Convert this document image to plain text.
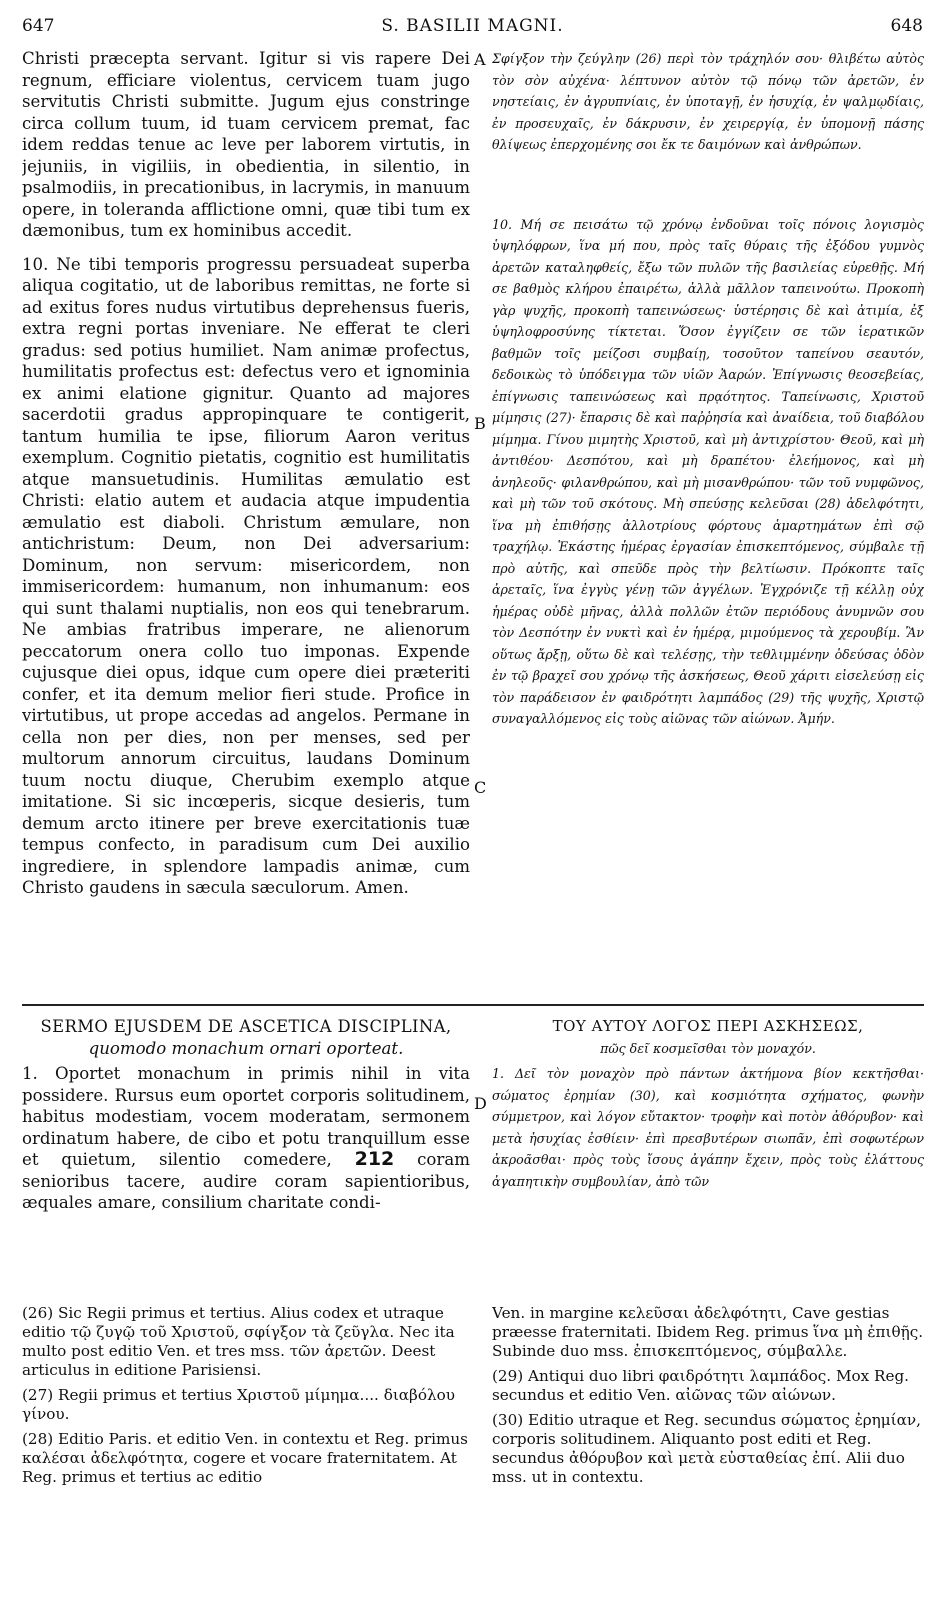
647	S. BASILII MAGNI.	648
A
B
C
D

Christi præcepta servant. Igitur si vis rapere Dei regnum, efficiare violentus, cervicem tuam jugo servitutis Christi submitte. Jugum ejus constringe circa collum tuum, id tuam cervicem premat, fac idem reddas tenue ac leve per laborem virtutis, in jejuniis, in vigiliis, in obedientia, in silentio, in psalmodiis, in precationibus, in lacrymis, in manuum opere, in toleranda afflictione omni, quæ tibi tum ex dæmonibus, tum ex hominibus accedit.

10. Ne tibi temporis progressu persuadeat superba aliqua cogitatio, ut de laboribus remittas, ne forte si ad exitus fores nudus virtutibus deprehensus fueris, extra regni portas inveniare. Ne efferat te cleri gradus: sed potius humiliet. Nam animæ profectus, humilitatis profectus est: defectus vero et ignominia ex animi elatione gignitur. Quanto ad majores sacerdotii gradus appropinquare te contigerit, tantum humilia te ipse, filiorum Aaron veritus exemplum. Cognitio pietatis, cognitio est humilitatis atque mansuetudinis. Humilitas æmulatio est Christi: elatio autem et audacia atque impudentia æmulatio est diaboli. Christum æmulare, non antichristum: Deum, non Dei adversarium: Dominum, non servum: misericordem, non immisericordem: humanum, non inhumanum: eos qui sunt thalami nuptialis, non eos qui tenebrarum. Ne ambias fratribus imperare, ne alienorum peccatorum onera collo tuo imponas. Expende cujusque diei opus, idque cum opere diei præteriti confer, et ita demum melior fieri stude. Profice in virtutibus, ut prope accedas ad angelos. Permane in cella non per dies, non per menses, sed per multorum annorum circuitus, laudans Dominum tuum noctu diuque, Cherubim exemplo atque imitatione. Si sic incœperis, sicque desieris, tum demum arcto itinere per breve exercitationis tuæ tempus confecto, in paradisum cum Dei auxilio ingrediere, in splendore lampadis animæ, cum Christo gaudens in sæcula sæculorum. Amen.

Σφίγξον τὴν ζεύγλην (26) περὶ τὸν τράχηλόν σου· θλιβέτω αὐτὸς τὸν σὸν αὐχένα· λέπτυνον αὐτὸν τῷ πόνῳ τῶν ἀρετῶν, ἐν νηστείαις, ἐν ἀγρυπνίαις, ἐν ὑποταγῇ, ἐν ἡσυχίᾳ, ἐν ψαλμῳδίαις, ἐν προσευχαῖς, ἐν δάκρυσιν, ἐν χειρεργίᾳ, ἐν ὑπομονῇ πάσης θλίψεως ἐπερχομένης σοι ἔκ τε δαιμόνων καὶ ἀνθρώπων.

10. Μή σε πεισάτω τῷ χρόνῳ ἐνδοῦναι τοῖς πόνοις λογισμὸς ὑψηλόφρων, ἵνα μή που, πρὸς ταῖς θύραις τῆς ἐξόδου γυμνὸς ἀρετῶν καταληφθείς, ἔξω τῶν πυλῶν τῆς βασιλείας εὑρεθῇς. Μή σε βαθμὸς κλήρου ἐπαιρέτω, ἀλλὰ μᾶλλον ταπεινούτω. Προκοπὴ γὰρ ψυχῆς, προκοπὴ ταπεινώσεως· ὑστέρησις δὲ καὶ ἀτιμία, ἐξ ὑψηλοφροσύνης τίκτεται. Ὅσον ἐγγίζειν σε τῶν ἱερατικῶν βαθμῶν τοῖς μείζοσι συμβαίῃ, τοσοῦτον ταπείνου σεαυτόν, δεδοικὼς τὸ ὑπόδειγμα τῶν υἱῶν Ἀαρών. Ἐπίγνωσις θεοσεβείας, ἐπίγνωσις ταπεινώσεως καὶ πρᾳότητος. Ταπείνωσις, Χριστοῦ μίμησις (27)· ἔπαρσις δὲ καὶ παῤῥησία καὶ ἀναίδεια, τοῦ διαβόλου μίμημα. Γίνου μιμητὴς Χριστοῦ, καὶ μὴ ἀντιχρίστου· Θεοῦ, καὶ μὴ ἀντιθέου· Δεσπότου, καὶ μὴ δραπέτου· ἐλεήμονος, καὶ μὴ ἀνηλεοῦς· φιλανθρώπου, καὶ μὴ μισανθρώπου· τῶν τοῦ νυμφῶνος, καὶ μὴ τῶν τοῦ σκότους. Μὴ σπεύσῃς κελεῦσαι (28) ἀδελφότητι, ἵνα μὴ ἐπιθήσῃς ἀλλοτρίους φόρτους ἁμαρτημάτων ἐπὶ σῷ τραχήλῳ. Ἑκάστης ἡμέρας ἐργασίαν ἐπισκεπτόμενος, σύμβαλε τῇ πρὸ αὐτῆς, καὶ σπεῦδε πρὸς τὴν βελτίωσιν. Πρόκοπτε ταῖς ἀρεταῖς, ἵνα ἐγγὺς γένῃ τῶν ἀγγέλων. Ἐγχρόνιζε τῇ κέλλῃ οὐχ ἡμέρας οὐδὲ μῆνας, ἀλλὰ πολλῶν ἐτῶν περιόδους ἀνυμνῶν σου τὸν Δεσπότην ἐν νυκτὶ καὶ ἐν ἡμέρᾳ, μιμούμενος τὰ χερουβίμ. Ἂν οὕτως ἄρξῃ, οὕτω δὲ καὶ τελέσῃς, τὴν τεθλιμμένην ὁδεύσας ὁδὸν ἐν τῷ βραχεῖ σου χρόνῳ τῆς ἀσκήσεως, Θεοῦ χάριτι εἰσελεύσῃ εἰς τὸν παράδεισον ἐν φαιδρότητι λαμπάδος (29) τῆς ψυχῆς, Χριστῷ συναγαλλόμενος εἰς τοὺς αἰῶνας τῶν αἰώνων. Ἀμήν.

SERMO EJUSDEM DE ASCETICA DISCIPLINA,
quomodo monachum ornari oporteat.

1. Oportet monachum in primis nihil in vita possidere. Rursus eum oportet corporis solitudinem, habitus modestiam, vocem moderatam, sermonem ordinatum habere, de cibo et potu tranquillum esse et quietum, silentio comedere, 212 coram senioribus tacere, audire coram sapientioribus, æquales amare, consilium charitate condi-

ΤΟΥ ΑΥΤΟΥ ΛΟΓΟΣ ΠΕΡΙ ΑΣΚΗΣΕΩΣ,
πῶς δεῖ κοσμεῖσθαι τὸν μοναχόν.

1. Δεῖ τὸν μοναχὸν πρὸ πάντων ἀκτήμονα βίον κεκτῆσθαι· σώματος ἐρημίαν (30), καὶ κοσμιότητα σχήματος, φωνὴν σύμμετρον, καὶ λόγον εὔτακτον· τροφὴν καὶ ποτὸν ἀθόρυβον· καὶ μετὰ ἡσυχίας ἐσθίειν· ἐπὶ πρεσβυτέρων σιωπᾶν, ἐπὶ σοφωτέρων ἀκροᾶσθαι· πρὸς τοὺς ἴσους ἀγάπην ἔχειν, πρὸς τοὺς ἐλάττους ἀγαπητικὴν συμβουλίαν, ἀπὸ τῶν

(26) Sic Regii primus et tertius. Alius codex et utraque editio τῷ ζυγῷ τοῦ Χριστοῦ, σφίγξον τὰ ζεῦγλα. Nec ita multo post editio Ven. et tres mss. τῶν ἀρετῶν. Deest articulus in editione Parisiensi.

(27) Regii primus et tertius Χριστοῦ μίμημα.... διαβόλου γίνου.

(28) Editio Paris. et editio Ven. in contextu et Reg. primus καλέσαι ἀδελφότητα, cogere et vocare fraternitatem. At Reg. primus et tertius ac editio

Ven. in margine κελεῦσαι ἀδελφότητι, Cave gestias præesse fraternitati. Ibidem Reg. primus ἵνα μὴ ἐπιθῇς. Subinde duo mss. ἐπισκεπτόμενος, σύμβαλλε.

(29) Antiqui duo libri φαιδρότητι λαμπάδος. Mox Reg. secundus et editio Ven. αἰῶνας τῶν αἰώνων.

(30) Editio utraque et Reg. secundus σώματος ἐρημίαν, corporis solitudinem. Aliquanto post editi et Reg. secundus ἀθόρυβον καὶ μετὰ εὐσταθείας ἐπί. Alii duo mss. ut in contextu.
